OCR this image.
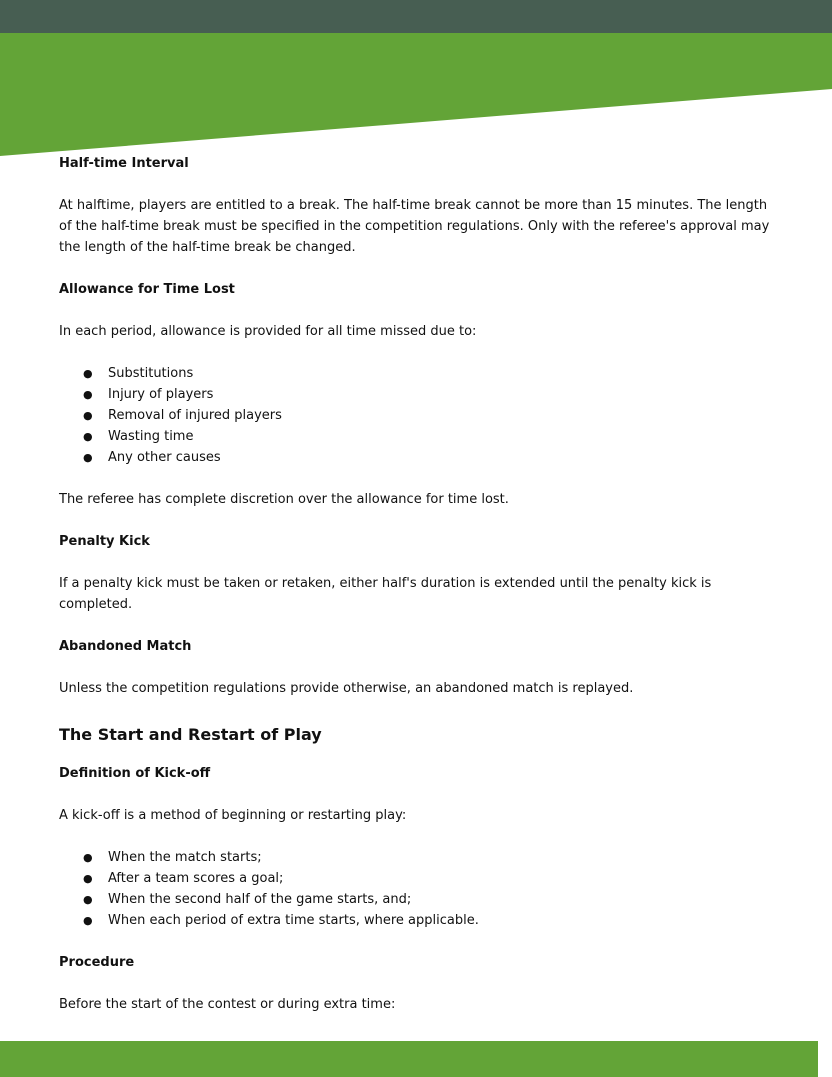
Half-time Interval

At halftime, players are entitled to a break. The half-time break cannot be more than 15 minutes. The length of the half-time break must be specified in the competition regulations. Only with the referee's approval may the length of the half-time break be changed.

Allowance for Time Lost

In each period, allowance is provided for all time missed due to:

● Substitutions
● Injury of players
● Removal of injured players
● Wasting time
● Any other causes

The referee has complete discretion over the allowance for time lost.

Penalty Kick

If a penalty kick must be taken or retaken, either half's duration is extended until the penalty kick is completed.

Abandoned Match

Unless the competition regulations provide otherwise, an abandoned match is replayed.

The Start and Restart of Play

Definition of Kick-off

A kick-off is a method of beginning or restarting play:

● When the match starts;
● After a team scores a goal;
● When the second half of the game starts, and;
● When each period of extra time starts, where applicable.

Procedure

Before the start of the contest or during extra time:
